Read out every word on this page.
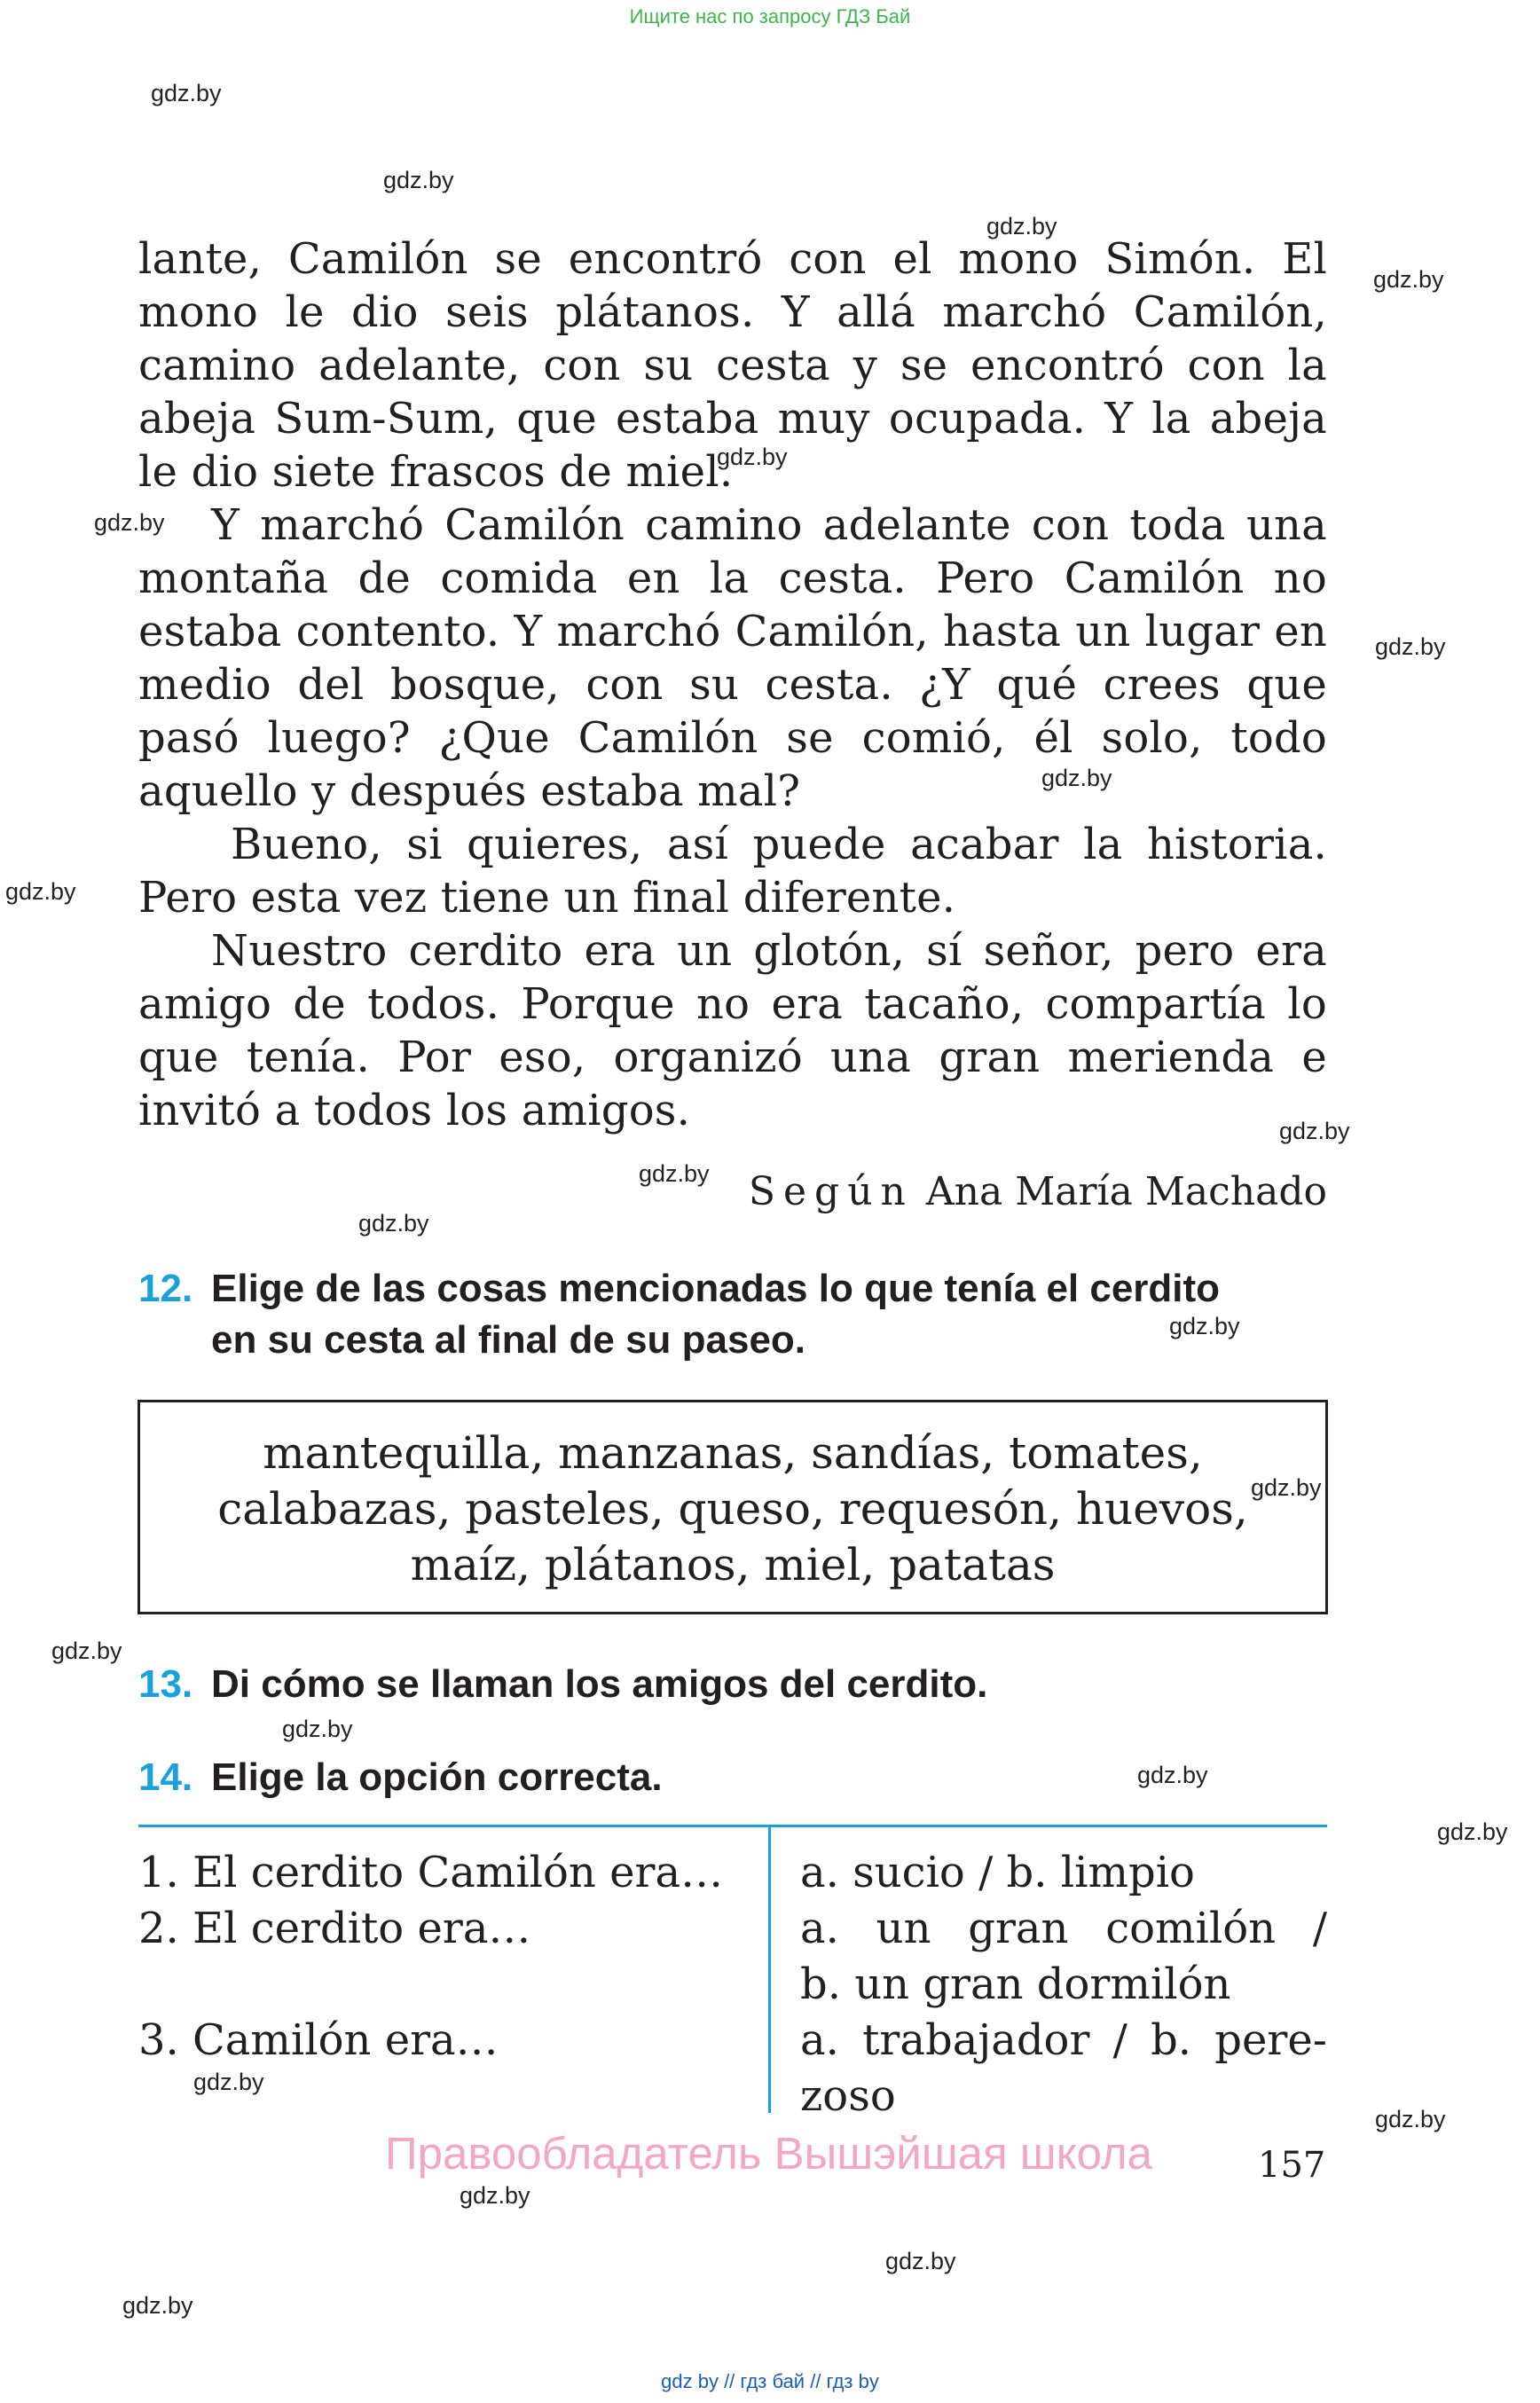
Ищите нас по запросу ГДЗ Бай
gdz.by
gdz.by
gdz.by
gdz.by
gdz.by
gdz.by
gdz.by
gdz.by
gdz.by
gdz.by
gdz.by
gdz.by
gdz.by
gdz.by
gdz.by
gdz.by
gdz.by
gdz.by
gdz.by
gdz.by
gdz.by
gdz.by
gdz.by

lante, Camilón se encontró con el mono Simón. El mono le dio seis plátanos. Y allá marchó Camilón, camino adelante, con su cesta y se encontró con la abeja Sum-Sum, que estaba muy ocupada. Y la abeja le dio siete frascos de miel.

Y marchó Camilón camino adelante con toda una montaña de comida en la cesta. Pero Camilón no estaba contento. Y marchó Camilón, hasta un lugar en medio del bosque, con su cesta. ¿Y qué crees que pasó luego? ¿Que Camilón se comió, él solo, todo aquello y después estaba mal?

Bueno, si quieres, así puede acabar la historia. Pero esta vez tiene un final diferente.

Nuestro cerdito era un glotón, sí señor, pero era amigo de todos. Porque no era tacaño, compartía lo que tenía. Por eso, organizó una gran merienda e invitó a todos los amigos.

Según Ana María Machado
12. Elige de las cosas mencionadas lo que tenía el cerdito
en su cesta al final de su paseo.
mantequilla, manzanas, sandías, tomates,
calabazas, pasteles, queso, requesón, huevos,
maíz, plátanos, miel, patatas
13. Di cómo se llaman los amigos del cerdito.
14. Elige la opción correcta.
1. El cerdito Camilón era…
2. El cerdito era…
3. Camilón era…
a. sucio / b. limpio
a. un gran comilón /
b. un gran dormilón
a. trabajador / b. pere-
zoso
Правообладатель Вышэйшая школа	157
gdz by // гдз бай // гдз by
